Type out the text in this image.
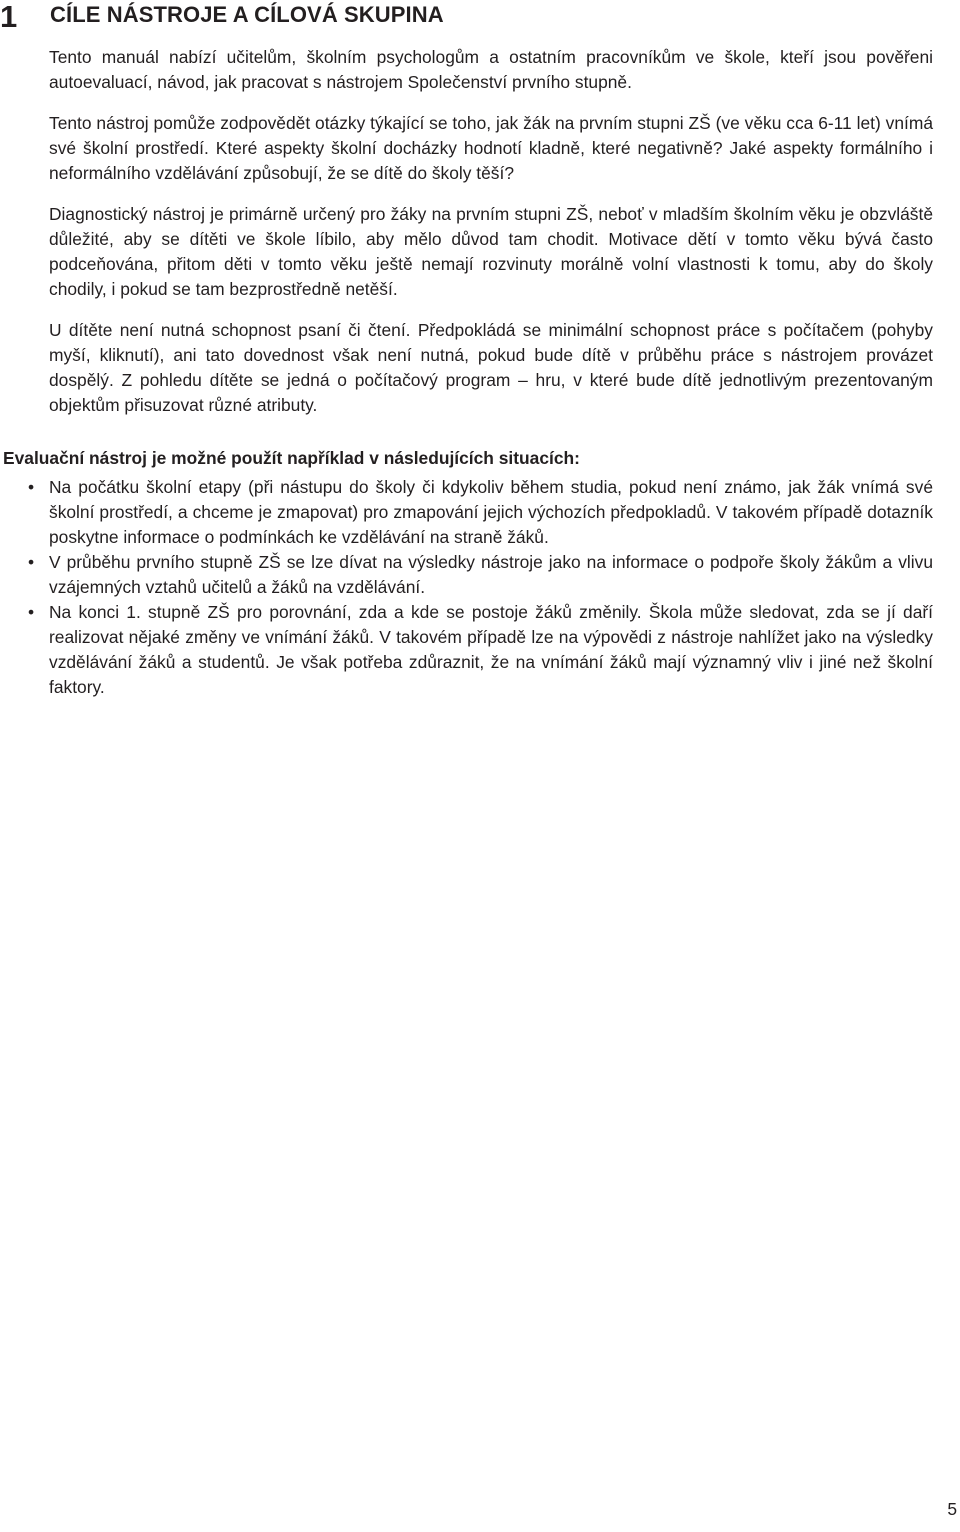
1 CÍLE NÁSTROJE A CÍLOVÁ SKUPINA

Tento manuál nabízí učitelům, školním psychologům a ostatním pracovníkům ve škole, kteří jsou pověřeni autoevaluací, návod, jak pracovat s nástrojem Společenství prvního stupně.

Tento nástroj pomůže zodpovědět otázky týkající se toho, jak žák na prvním stupni ZŠ (ve věku cca 6-11 let) vnímá své školní prostředí. Které aspekty školní docházky hodnotí kladně, které negativně? Jaké aspekty formálního i neformálního vzdělávání způsobují, že se dítě do školy těší?

Diagnostický nástroj je primárně určený pro žáky na prvním stupni ZŠ, neboť v mladším školním věku je obzvláště důležité, aby se dítěti ve škole líbilo, aby mělo důvod tam chodit. Motivace dětí v tomto věku bývá často podceňována, přitom děti v tomto věku ještě nemají rozvinuty morálně volní vlastnosti k tomu, aby do školy chodily, i pokud se tam bezprostředně netěší.

U dítěte není nutná schopnost psaní či čtení. Předpokládá se minimální schopnost práce s počítačem (pohyby myší, kliknutí), ani tato dovednost však není nutná, pokud bude dítě v průběhu práce s nástrojem provázet dospělý. Z pohledu dítěte se jedná o počítačový program – hru, v které bude dítě jednotlivým prezentovaným objektům přisuzovat různé atributy.

Evaluační nástroj je možné použít například v následujících situacích:
• Na počátku školní etapy (při nástupu do školy či kdykoliv během studia, pokud není známo, jak žák vnímá své školní prostředí, a chceme je zmapovat) pro zmapování jejich výchozích předpokladů. V takovém případě dotazník poskytne informace o podmínkách ke vzdělávání na straně žáků.
• V průběhu prvního stupně ZŠ se lze dívat na výsledky nástroje jako na informace o podpoře školy žákům a vlivu vzájemných vztahů učitelů a žáků na vzdělávání.
• Na konci 1. stupně ZŠ pro porovnání, zda a kde se postoje žáků změnily. Škola může sledovat, zda se jí daří realizovat nějaké změny ve vnímání žáků. V takovém případě lze na výpovědi z nástroje nahlížet jako na výsledky vzdělávání žáků a studentů. Je však potřeba zdůraznit, že na vnímání žáků mají významný vliv i jiné než školní faktory.
5
